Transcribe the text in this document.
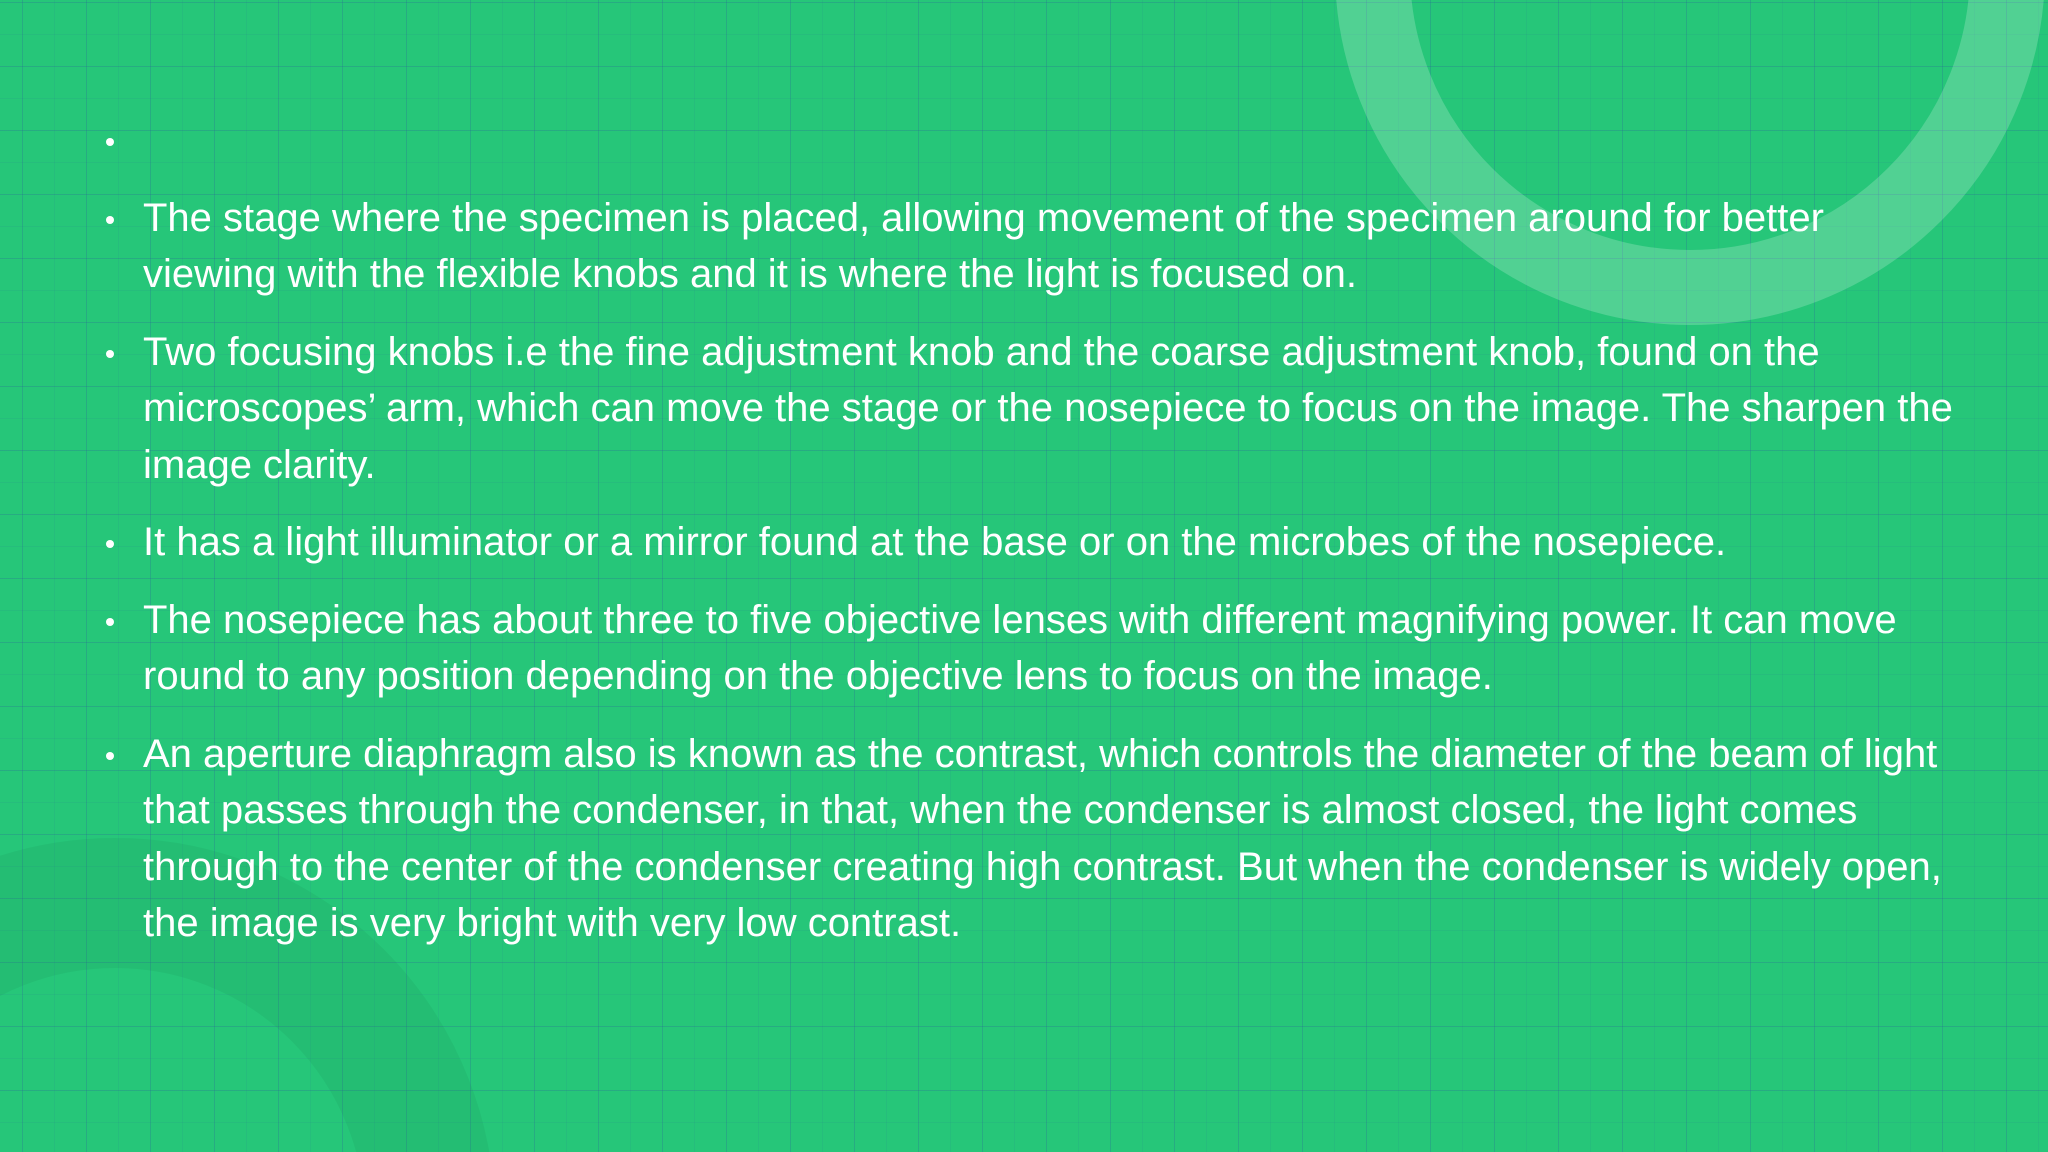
The stage where the specimen is placed, allowing movement of the specimen around for better viewing with the flexible knobs and it is where the light is focused on.
Two focusing knobs i.e the fine adjustment knob and the coarse adjustment knob, found on the microscopes’ arm, which can move the stage or the nosepiece to focus on the image. The sharpen the image clarity.
It has a light illuminator or a mirror found at the base or on the microbes of the nosepiece.
The nosepiece has about three to five objective lenses with different magnifying power. It can move round to any position depending on the objective lens to focus on the image.
An aperture diaphragm also is known as the contrast, which controls the diameter of the beam of light that passes through the condenser, in that, when the condenser is almost closed, the light comes through to the center of the condenser creating high contrast. But when the condenser is widely open, the image is very bright with very low contrast.
